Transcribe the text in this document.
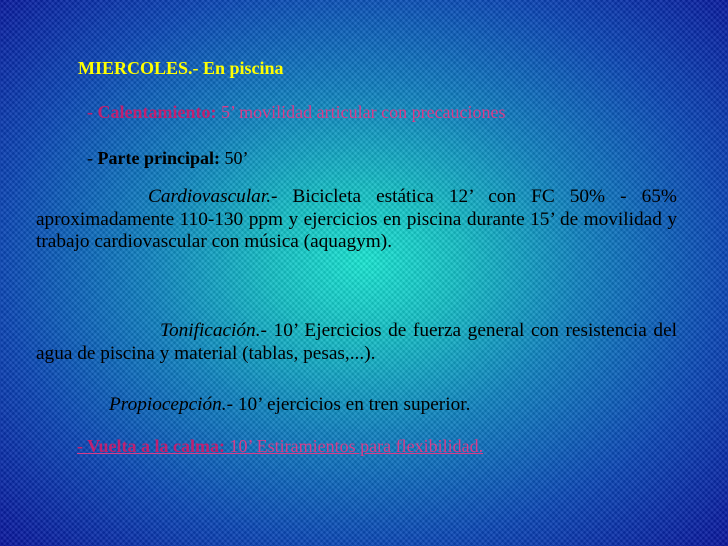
MIERCOLES.- En piscina
- Calentamiento: 5’ movilidad articular con precauciones
- Parte principal: 50’
Cardiovascular.- Bicicleta estática 12’ con FC 50% - 65% aproximadamente 110-130 ppm y ejercicios en piscina durante 15’ de movilidad y trabajo cardiovascular con música (aquagym).
Tonificación.- 10’ Ejercicios de fuerza general con resistencia del agua de piscina y material (tablas, pesas,...).
Propiocepción.- 10’ ejercicios en tren superior.
- Vuelta a la calma: 10’ Estiramientos para flexibilidad.
